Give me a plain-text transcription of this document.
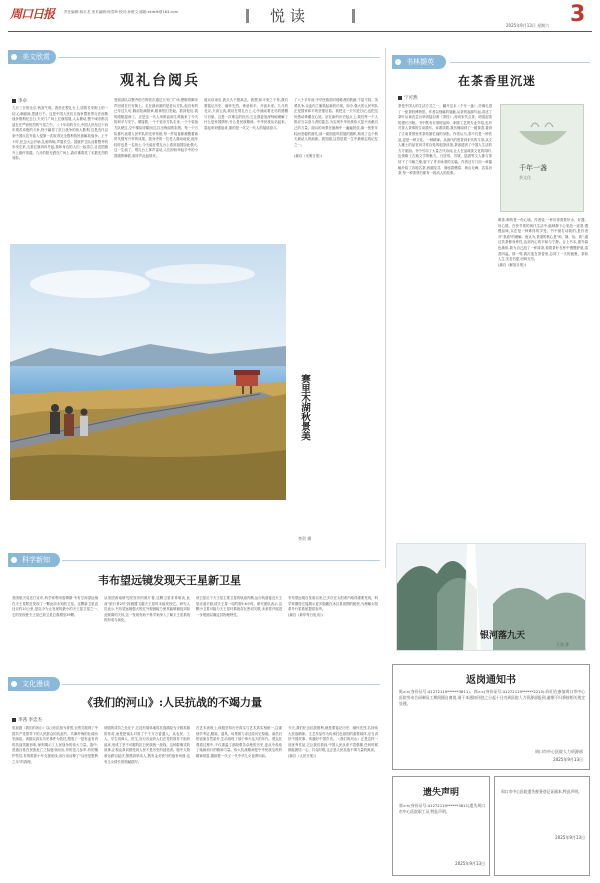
周口日报	责任编辑:薛永龙 美术编辑:杨雪琦 校对:孙维文 邮箱:zkrbfk@163.com	悦读
2025年9月13日 星期六 3
美文欣赏
观礼台阅兵
李卓
九月三日的北京,秋高气爽。我坐在观礼台上,望着长安街上的一切,心潮澎湃,思绪万千。这是中国人民抗日战争暨世界反法西斯战争胜利纪念日,天安门广场上红旗招展,人头攒动,整个城市都沉浸在庄严而热烈的气氛之中。八十年前的今天,中国人民经过十四年艰苦卓绝的斗争,终于赢得了抗日战争的伟大胜利,这是近代以来中国反抗外敌入侵第一次取得完全胜利的民族解放战争。上午十时,纪念大会开始,礼炮鸣响,声震长空。国旗护卫队迈着整齐的步伐走来,五星红旗冉冉升起,我和身边的人们一起肃立,目送国旗升上旗杆顶端。九月的阳光洒在广场上,我仿佛看见了无数先烈的身影。
受阅部队以整齐的方阵依次通过天安门广场,铿锵的脚步声回荡在长安街上。走在最前面的是老兵方队,他们有的已年过九旬,胸前挂满勋章,眼神依旧坚毅。看到他们,我的眼眶湿润了。正是这一代人用鲜血和生命换来了今天的和平与安宁。紧接着,一个个徒步方队走来,一个个装备方队驶过,空中梯队呼啸而过,拉出绚丽的彩烟。每一个方队都代表着人民军队的光荣传统,每一件装备都凝聚着新时代强军兴军的成果。我身旁的一位老人激动地说,他年轻时也是一名战士,今天能在观礼台上看到祖国如此强大,这一生值了。观礼台上掌声雷动,人们纷纷举起手中的小国旗挥舞着,欢呼声此起彼伏。
阅兵结束后,我久久不愿离去。我想,和平来之不易,我们要铭记历史、缅怀先烈、珍爱和平、开创未来。九月的北京,天高云淡,我站在观礼台上,心中涌动着无尽的感慨与自豪。这是一次难忘的经历,它让我更加深刻地理解了什么是家国情怀,什么是民族精神。中华民族从站起来、富起来到强起来,靠的是一代又一代人的接续奋斗。
了八十多年前,中华民族面对侵略者的铁蹄,不屈不挠、英勇抗争,以血肉之躯筑起新的长城。如今,强大的人民军队正是国家和平的坚强后盾。我把这一天写进日记,也把这份感动珍藏在心底。站在新的历史起点上,我们每一个人都应当以奋斗者的姿态,为实现中华民族伟大复兴贡献自己的力量。阅兵的场景在脑海中一遍遍回放,那一张张年轻而坚毅的面孔,那一面面迎风招展的旗帜,构成了这个秋天最动人的画面。我知道,这将是我一生中最难忘的记忆之一。

(摘自《光明日报》)
赛里木湖秋景美
李贺 摄
书林撷英
在茶香里沉迷
宁可然
茶是中国人的生活方式之一。翻开这本《千年一盏》,仿佛走进了一座茶的博物馆。作者以细腻的笔触,从茶的起源写起,讲述了茶叶从神农尝百草到陆羽著《茶经》,再到宋代点茶、明清泡茶的漫长历程。书中既有对茶树品种、制茶工艺的专业介绍,也有对茶人茶事的生动描写。读着读着,我仿佛闻到了一缕茶香,看到了江南茶园里采茶姑娘忙碌的身影。作者认为,茶不仅是一种饮品,更是一种文化、一种精神。从唐代的煎茶到宋代的斗茶,从文人雅士的品茗到寻常百姓的粗茶淡饭,茶渗透到了中国人生活的方方面面。书中引用了大量古代诗词,让人在品味茶文化的同时,也领略了古典文学的魅力。白居易、苏轼、陆游等文人都与茶结下了不解之缘,留下了许多咏茶的名篇。作者还专门用一章篇幅介绍了各地名茶,西湖龙井、洞庭碧螺春、黄山毛峰、武夷岩茶,每一种茶背后都有一段动人的故事。
千年一盏
茶文化
喝茶,喝的是一份心境。作者说,一杯好茶需要好水、好器、好心情。在快节奏的现代生活中,能够静下心来泡一壶茶,慢慢品味,实在是一种难得的享受。书中最打动我的,是作者对"茶道"的理解。他认为,茶道的核心是"和、静、怡、真",通过饮茶修身养性,达到内心的平和与宁静。合上书本,窗外暮色渐浓,我为自己泡了一杯绿茶,看着茶叶在杯中慢慢舒展,清香四溢。那一刻,我沉迷在茶香里,忘却了一天的疲惫。茶如人生,先苦后甜,回味无穷。
(摘自《解放日报》)
银河落九天
王昊 作
科学新知
韦布望远镜发现天王星新卫星
美国航天局近日宣布,科学家利用詹姆斯·韦布空间望远镜在天王星附近发现了一颗此前未知的卫星。这颗新卫星直径仅约10公里,是迄今为止发现的最小的天王星卫星之一,它的发现使天王星已知卫星总数增至29颗。
从美国西南研究院发布的照片看,这颗卫星非常暗淡,此前"旅行者2号"探测器飞越天王星时未能发现它。研究人员表示,韦布望远镜强大的红外观测能力使其能够捕捉到如此微弱的天体,这一发现有助于科学家深入了解天王星系统的形成与演化。
该卫星位于天王星主要卫星的轨道内侧,运行轨道接近天王星赤道平面,绕天王星一周约需9.6小时。研究团队表示,这颗小卫星可能与天王星环系统存在密切关联,未来将开展进一步观测以确定其物理特性。
韦布望远镜自发射以来,已多次在太阳系内取得重要发现。科学家期待它能揭示更多隐藏在冰巨星周围的秘密,为理解太阳系外行星系统提供参考。
(摘自《新华每日电讯》)
文化漫谈
《我们的河山》:人民抗战的不竭力量
李茜 李忠杰
电视剧《我们的河山》以山东抗战为背景,全景式展现了中国共产党领导下的人民群众同仇敌忾、共御外侮的壮阔历史画卷。该剧以真实历史事件为依托,塑造了一批有血有肉的抗战英雄形象,深刻揭示了人民战争的伟大力量。剧中,普通百姓在民族危亡之际挺身而出,有的送儿参军,有的掩护伤员,有的推着小车支援前线,用行动诠释了"兵民是胜利之本"的真理。
该剧的成功之处在于,它没有简单地将抗战描绘为少数英雄的传奇,而是把镜头对准了千千万万普通人。从农民、工人、学生到商人、医生,各行各业的人们在党的领导下组织起来,形成了坚不可摧的抗日民族统一战线。这种群像式的叙事,让观众真切感受到人民才是历史的创造者。剧中人物命运跌宕起伏,情感真挚动人,既有金戈铁马的战争场面,也有儿女情长的细腻描写。
在艺术表现上,该剧坚持历史真实与艺术真实相统一,注重细节考证,服装、道具、场景都力求还原历史原貌。演员们的表演自然质朴,生动再现了那个烽火连天的年代。观众在观看过程中,不仅重温了那段艰苦卓绝的历史,更从中汲取了砥砺前行的精神力量。伟大抗战精神是中华民族宝贵的精神财富,激励着一代又一代中华儿女奋勇向前。
今天,我们纪念抗战胜利,就是要铭记历史、缅怀先烈,弘扬伟大抗战精神。文艺作品作为传承红色基因的重要载体,应当讲好中国故事、传播好中国声音。《我们的河山》正是这样一部优秀作品,它让我们看到,中国人民从来不畏强暴,任何时候都能团结一心、共克时艰,这正是人民抗战不竭力量的源泉。
(摘自《人民日报》)
返岗通知书
陈××(身份证号:41272119******3811)、郭××(身份证号:41272119******2210):你们在参加周口市中心医院劳动合同制员工期间擅自离岗,请于本通知刊登之日起十日内到医院人力资源部报到,逾期不归将按相关规定处理。
周口市中心医院人力资源部
2025年9月13日
遗失声明
郭××(身份证号:41272119******3811)遗失周口市中心医院职工证,特此声明。
2025年9月13日
周口市中心医院遗失税务登记证副本,特此声明。
2025年9月13日
